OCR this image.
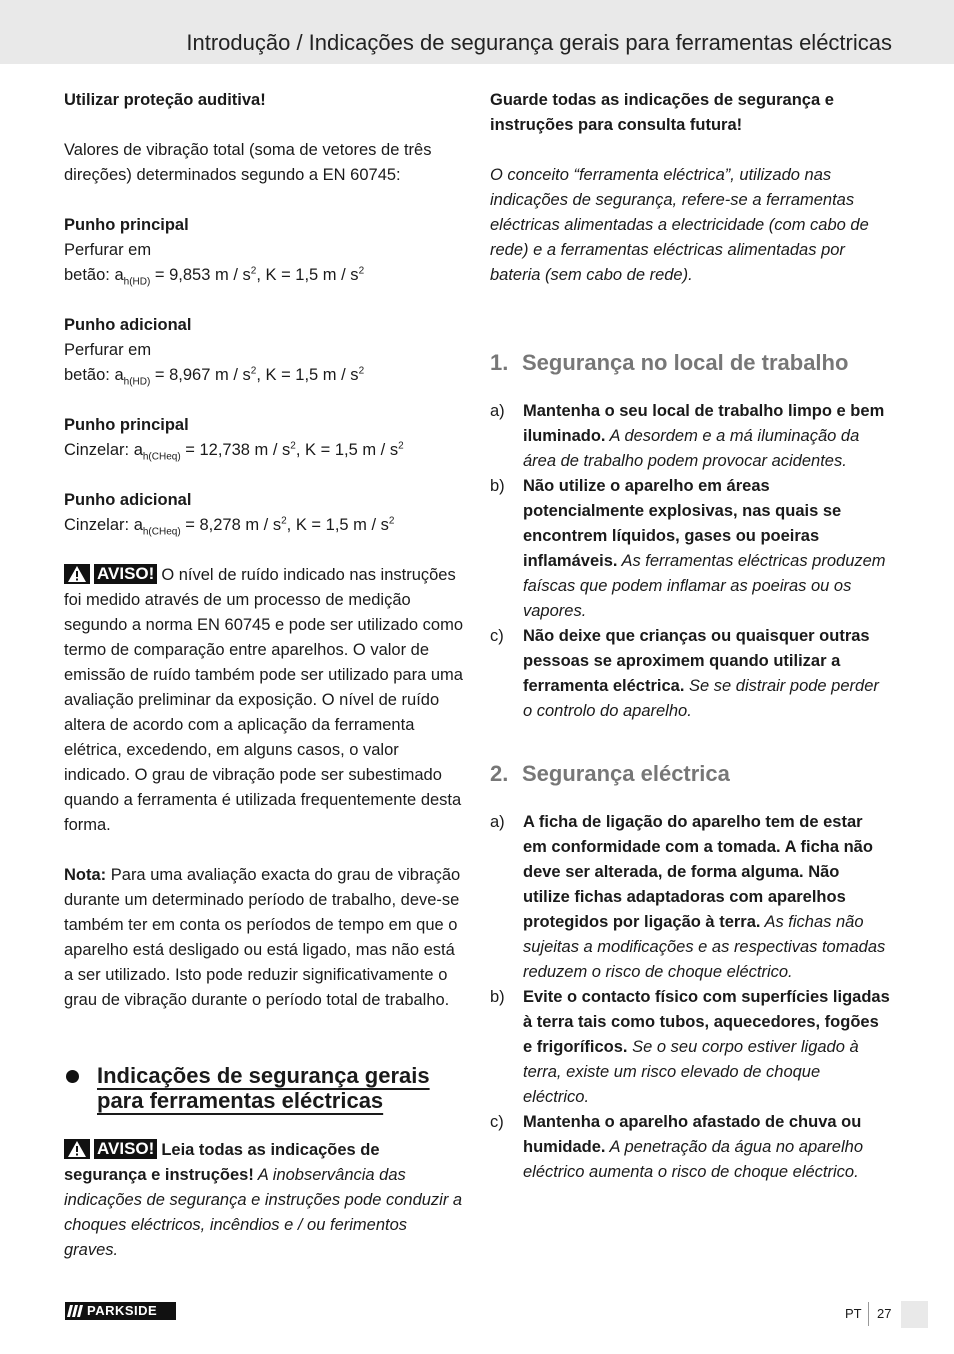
Introdução / Indicações de segurança gerais para ferramentas eléctricas

Utilizar proteção auditiva!

Valores de vibração total (soma de vetores de três direções) determinados segundo a EN 60745:

Punho principal
Perfurar em
betão: $a_{h(HD)} = 9,853$ m / $s^2$, K = 1,5 m / $s^2$
Punho adicional
Perfurar em
betão: $a_{h(HD)} = 8,967$ m / $s^2$, K = 1,5 m / $s^2$
Punho principal
Cinzelar: $a_{h(CHeq)} = 12,738$ m / $s^2$, K = 1,5 m / $s^2$
Punho adicional
Cinzelar: $a_{h(CHeq)} = 8,278$ m / $s^2$, K = 1,5 m / $s^2$

AVISO! O nível de ruído indicado nas instruções foi medido através de um processo de medição segundo a norma EN 60745 e pode ser utilizado como termo de comparação entre aparelhos. O valor de emissão de ruído também pode ser utilizado para uma avaliação preliminar da exposição. O nível de ruído altera de acordo com a aplicação da ferramenta elétrica, excedendo, em alguns casos, o valor indicado. O grau de vibração pode ser subestimado quando a ferramenta é utilizada frequentemente desta forma.

Nota: Para uma avaliação exacta do grau de vibração durante um determinado período de trabalho, deve-se também ter em conta os períodos de tempo em que o aparelho está desligado ou está ligado, mas não está a ser utilizado. Isto pode reduzir significativamente o grau de vibração durante o período total de trabalho.

Indicações de segurança gerais para ferramentas eléctricas

AVISO! Leia todas as indicações de segurança e instruções! A inobservância das indicações de segurança e instruções pode conduzir a choques eléctricos, incêndios e / ou ferimentos graves.

Guarde todas as indicações de segurança e instruções para consulta futura!

O conceito “ferramenta eléctrica”, utilizado nas indicações de segurança, refere-se a ferramentas eléctricas alimentadas a electricidade (com cabo de rede) e a ferramentas eléctricas alimentadas por bateria (sem cabo de rede).

1. Segurança no local de trabalho
a) Mantenha o seu local de trabalho limpo e bem iluminado. A desordem e a má iluminação da área de trabalho podem provocar acidentes.
b) Não utilize o aparelho em áreas potencialmente explosivas, nas quais se encontrem líquidos, gases ou poeiras inflamáveis. As ferramentas eléctricas produzem faíscas que podem inflamar as poeiras ou os vapores.
c) Não deixe que crianças ou quaisquer outras pessoas se aproximem quando utilizar a ferramenta eléctrica. Se se distrair pode perder o controlo do aparelho.
2. Segurança eléctrica
a) A ficha de ligação do aparelho tem de estar em conformidade com a tomada. A ficha não deve ser alterada, de forma alguma. Não utilize fichas adaptadoras com aparelhos protegidos por ligação à terra. As fichas não sujeitas a modificações e as respectivas tomadas reduzem o risco de choque eléctrico.
b) Evite o contacto físico com superfícies ligadas à terra tais como tubos, aquecedores, fogões e frigoríficos. Se o seu corpo estiver ligado à terra, existe um risco elevado de choque eléctrico.
c) Mantenha o aparelho afastado de chuva ou humidade. A penetração da água no aparelho eléctrico aumenta o risco de choque eléctrico.
PARKSIDE	PT 27
